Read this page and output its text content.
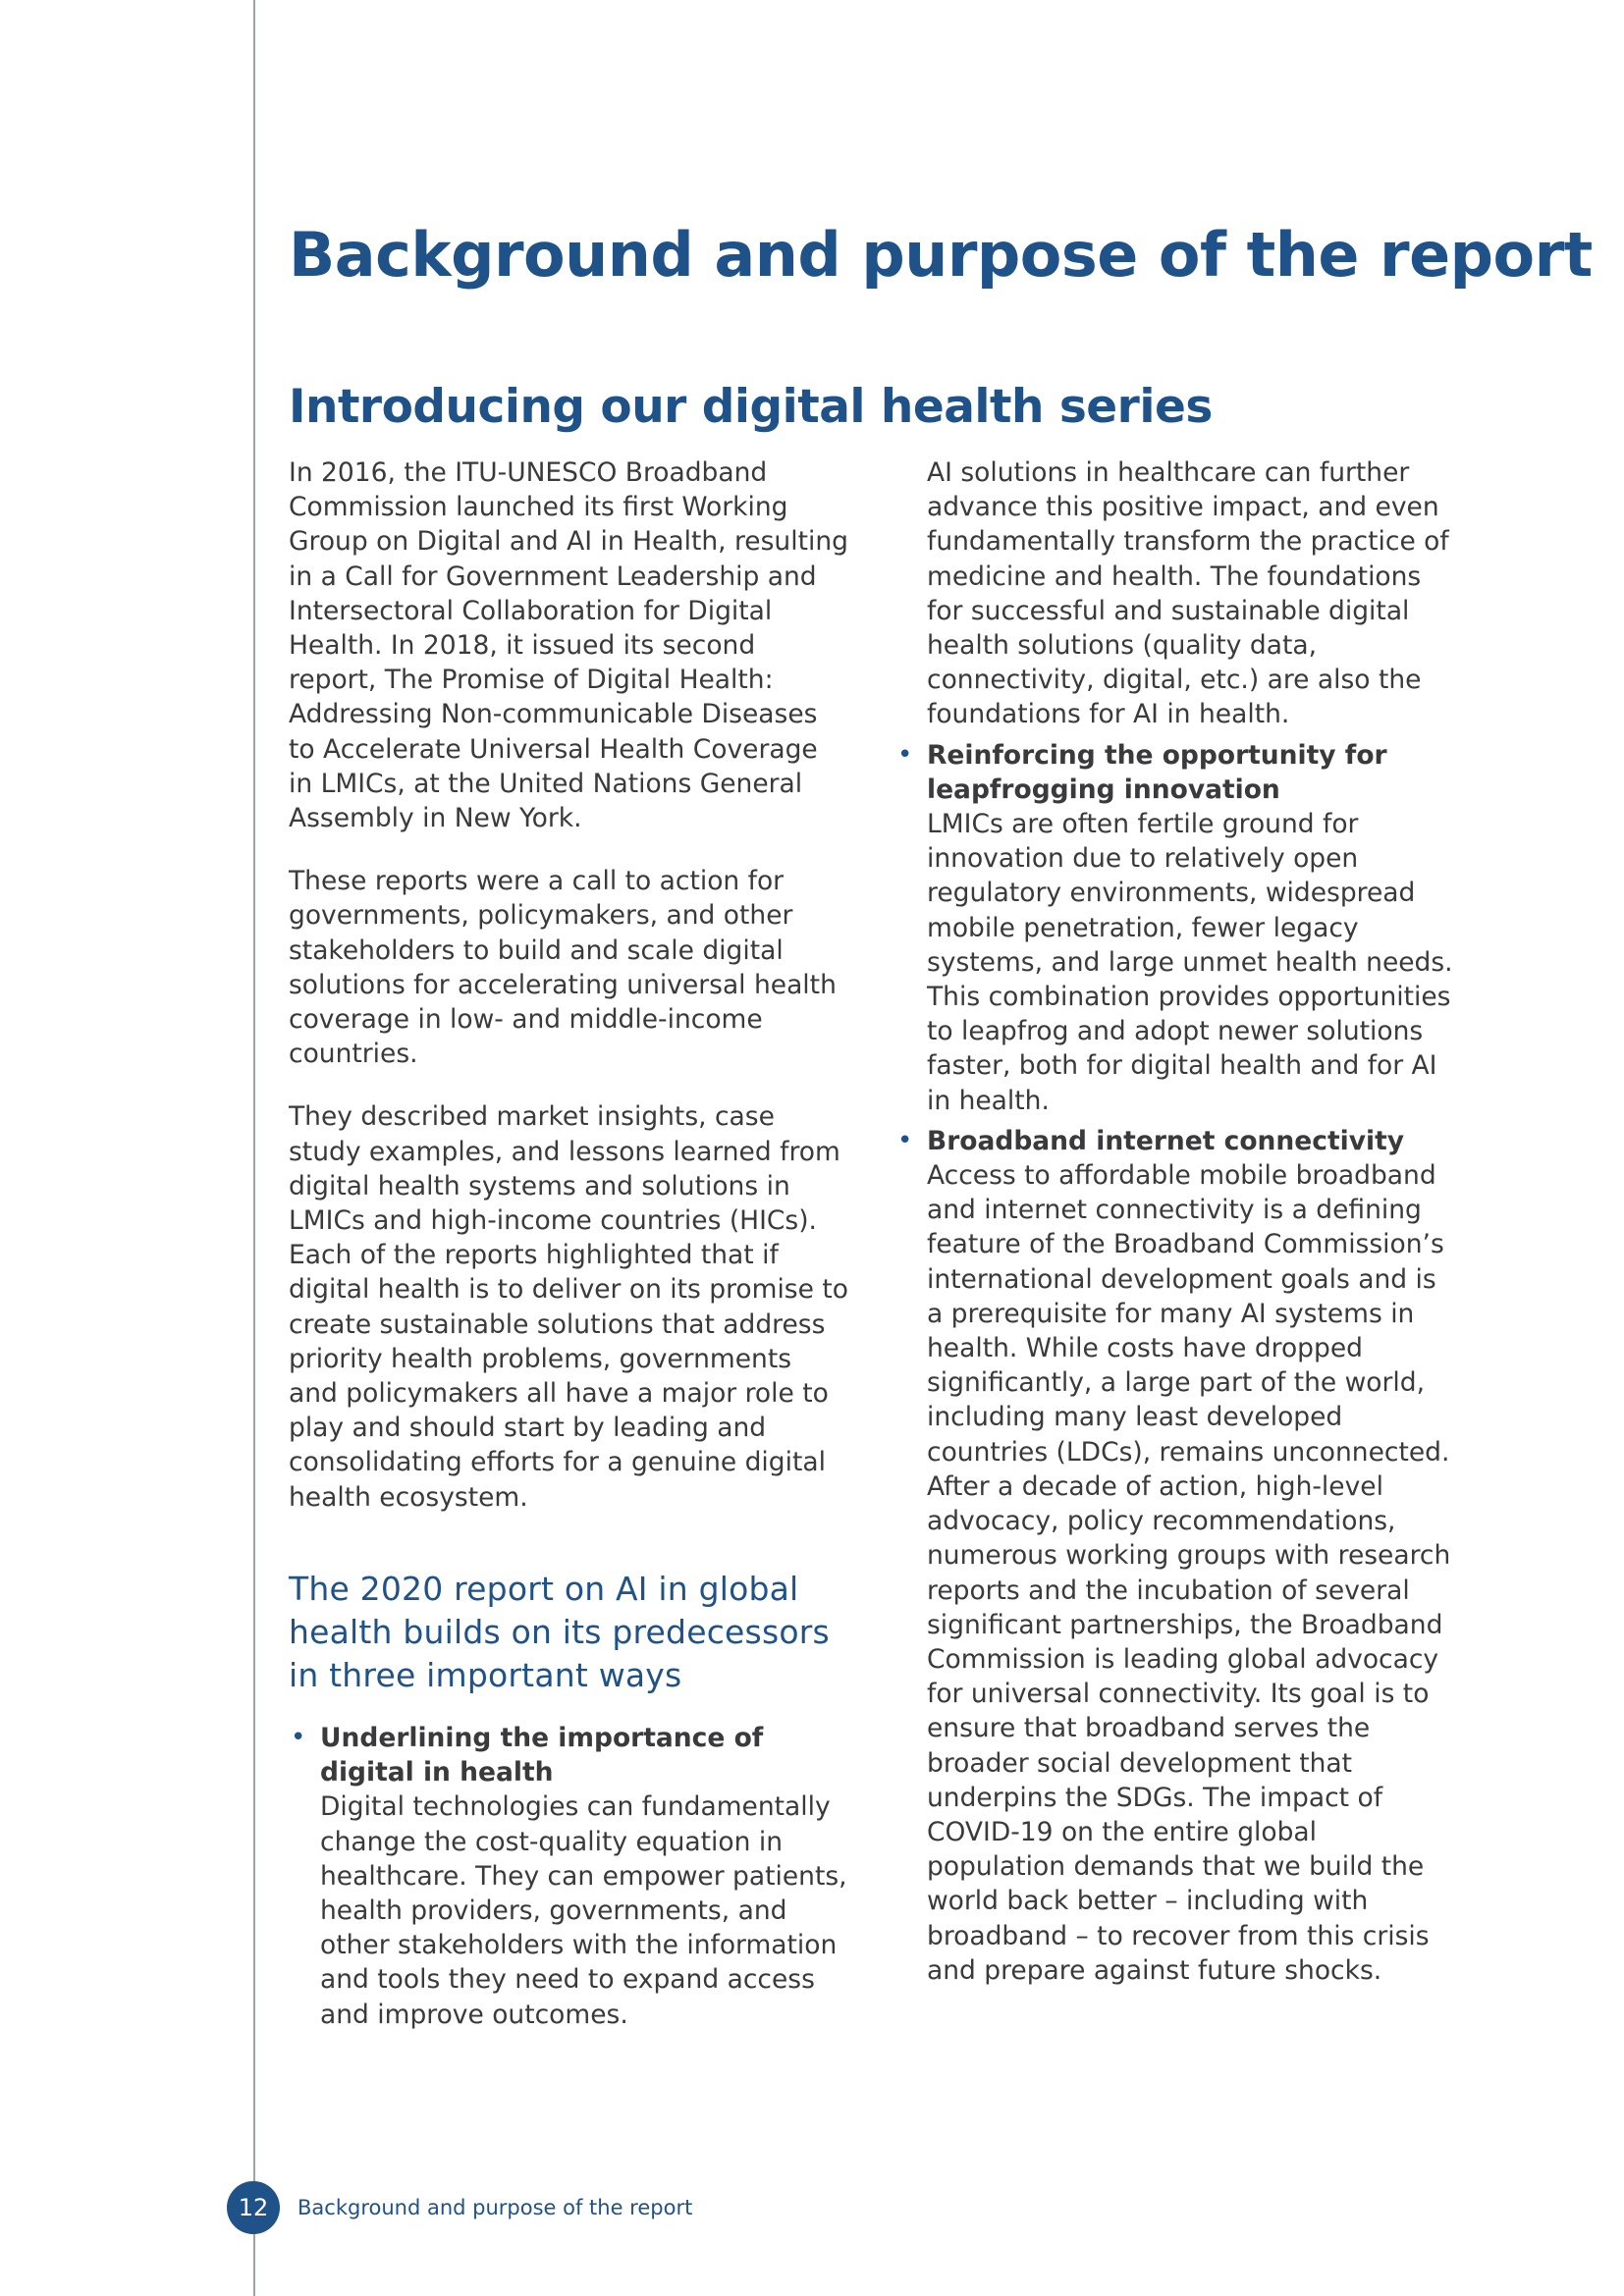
Background and purpose of the report
Introducing our digital health series

In 2016, the ITU-UNESCO Broadband Commission launched its first Working Group on Digital and AI in Health, resulting in a Call for Government Leadership and Intersectoral Collaboration for Digital Health. In 2018, it issued its second report, The Promise of Digital Health: Addressing Non-communicable Diseases to Accelerate Universal Health Coverage in LMICs, at the United Nations General Assembly in New York.

These reports were a call to action for governments, policymakers, and other stakeholders to build and scale digital solutions for accelerating universal health coverage in low- and middle-income countries.

They described market insights, case study examples, and lessons learned from digital health systems and solutions in LMICs and high-income countries (HICs). Each of the reports highlighted that if digital health is to deliver on its promise to create sustainable solutions that address priority health problems, governments and policymakers all have a major role to play and should start by leading and consolidating efforts for a genuine digital health ecosystem.

The 2020 report on AI in global health builds on its predecessors in three important ways
• Underlining the importance of digital in health
Digital technologies can fundamentally change the cost-quality equation in healthcare. They can empower patients, health providers, governments, and other stakeholders with the information and tools they need to expand access and improve outcomes.

AI solutions in healthcare can further advance this positive impact, and even fundamentally transform the practice of medicine and health. The foundations for successful and sustainable digital health solutions (quality data, connectivity, digital, etc.) are also the foundations for AI in health.

• Reinforcing the opportunity for leapfrogging innovation
LMICs are often fertile ground for innovation due to relatively open regulatory environments, widespread mobile penetration, fewer legacy systems, and large unmet health needs. This combination provides opportunities to leapfrog and adopt newer solutions faster, both for digital health and for AI in health.
• Broadband internet connectivity
Access to affordable mobile broadband and internet connectivity is a defining feature of the Broadband Commission’s international development goals and is a prerequisite for many AI systems in health. While costs have dropped significantly, a large part of the world, including many least developed countries (LDCs), remains unconnected. After a decade of action, high-level advocacy, policy recommendations, numerous working groups with research reports and the incubation of several significant partnerships, the Broadband Commission is leading global advocacy for universal connectivity. Its goal is to ensure that broadband serves the broader social development that underpins the SDGs. The impact of COVID-19 on the entire global population demands that we build the world back better – including with broadband – to recover from this crisis and prepare against future shocks.
12	Background and purpose of the report
